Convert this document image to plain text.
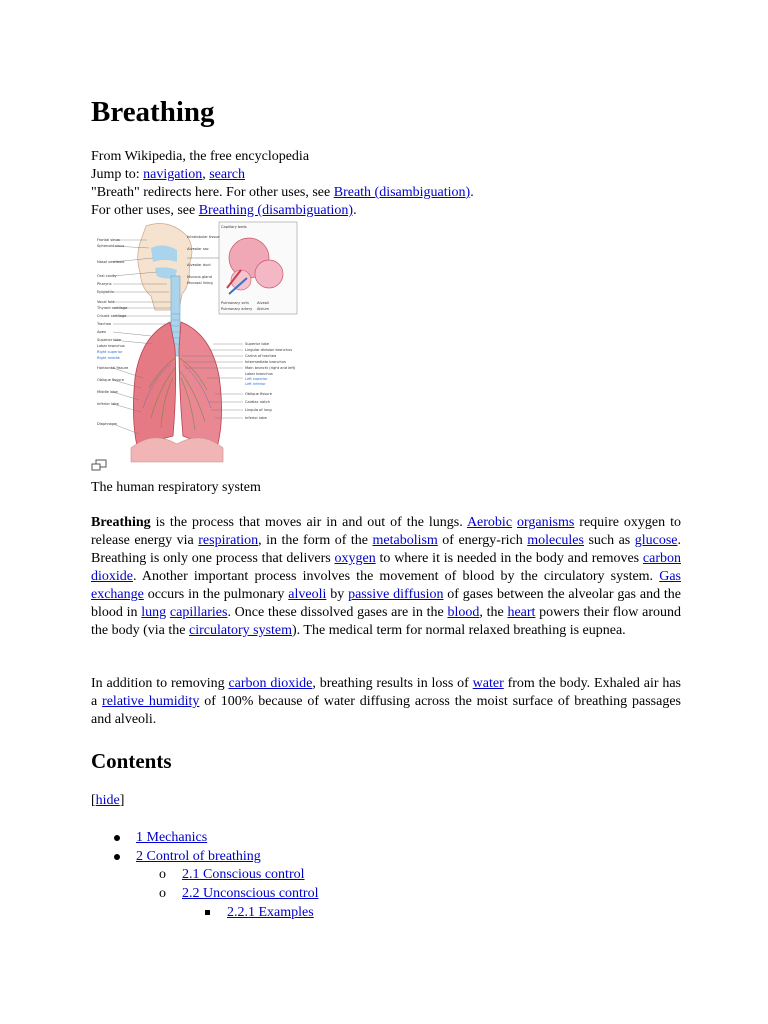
Breathing
From Wikipedia, the free encyclopedia
Jump to: navigation, search
"Breath" redirects here. For other uses, see Breath (disambiguation).
For other uses, see Breathing (disambiguation).
Frontal sinus
Sphenoid sinus
Nasal vestibule
Oral cavity
Pharynx
Epiglottis
Vocal fold
Thyroid cartilage
Cricoid cartilage
Trachea
Apex
Superior lobe
Lobar bronchus
Right superior
Right middle
Horizontal fissure
Oblique fissure
Middle lobe
Inferior lobe
Diaphragm
Superior lobe
Lingular division bronchus
Carina of trachea
Intermediate bronchus
Main bronchi (right and left)
Lobar bronchus
Left superior
Left inferior
Oblique fissure
Cardiac notch
Lingula of lung
Inferior lobe
Intralobular tissue
Capillary beds
Alveolar sac
Alveolar duct
Mucous gland
Mucosal lining
Pulmonary vein Alveoli
Pulmonary artery Atrium
The human respiratory system

Breathing is the process that moves air in and out of the lungs. Aerobic organisms require oxygen to release energy via respiration, in the form of the metabolism of energy-rich molecules such as glucose. Breathing is only one process that delivers oxygen to where it is needed in the body and removes carbon dioxide. Another important process involves the movement of blood by the circulatory system. Gas exchange occurs in the pulmonary alveoli by passive diffusion of gases between the alveolar gas and the blood in lung capillaries. Once these dissolved gases are in the blood, the heart powers their flow around the body (via the circulatory system). The medical term for normal relaxed breathing is eupnea.

In addition to removing carbon dioxide, breathing results in loss of water from the body. Exhaled air has a relative humidity of 100% because of water diffusing across the moist surface of breathing passages and alveoli.

Contents
[hide]
1 Mechanics
2 Control of breathing
o 2.1 Conscious control
o 2.2 Unconscious control
2.2.1 Examples
